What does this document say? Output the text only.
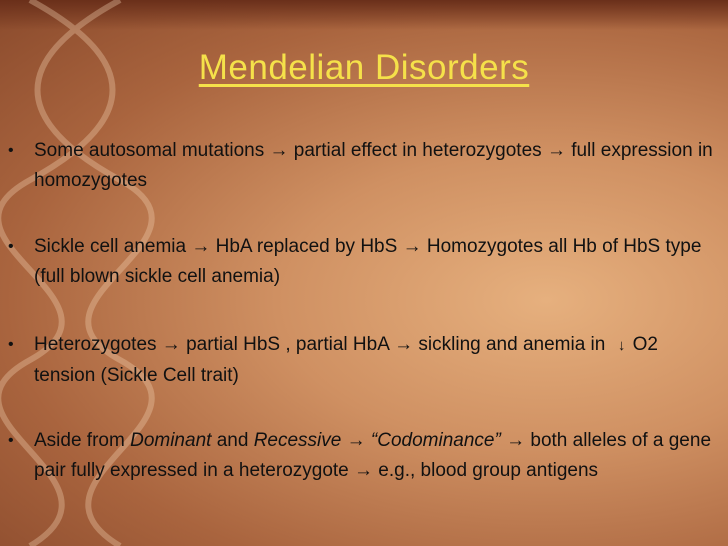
Mendelian Disorders
• Some autosomal mutations → partial effect in heterozygotes → full expression in homozygotes
• Sickle cell anemia → HbA replaced by HbS → Homozygotes all Hb of HbS type (full blown sickle cell anemia)
• Heterozygotes → partial HbS , partial HbA → sickling and anemia in ↓ O2 tension (Sickle Cell trait)
• Aside from Dominant and Recessive → “Codominance” → both alleles of a gene pair fully expressed in a heterozygote → e.g., blood group antigens
